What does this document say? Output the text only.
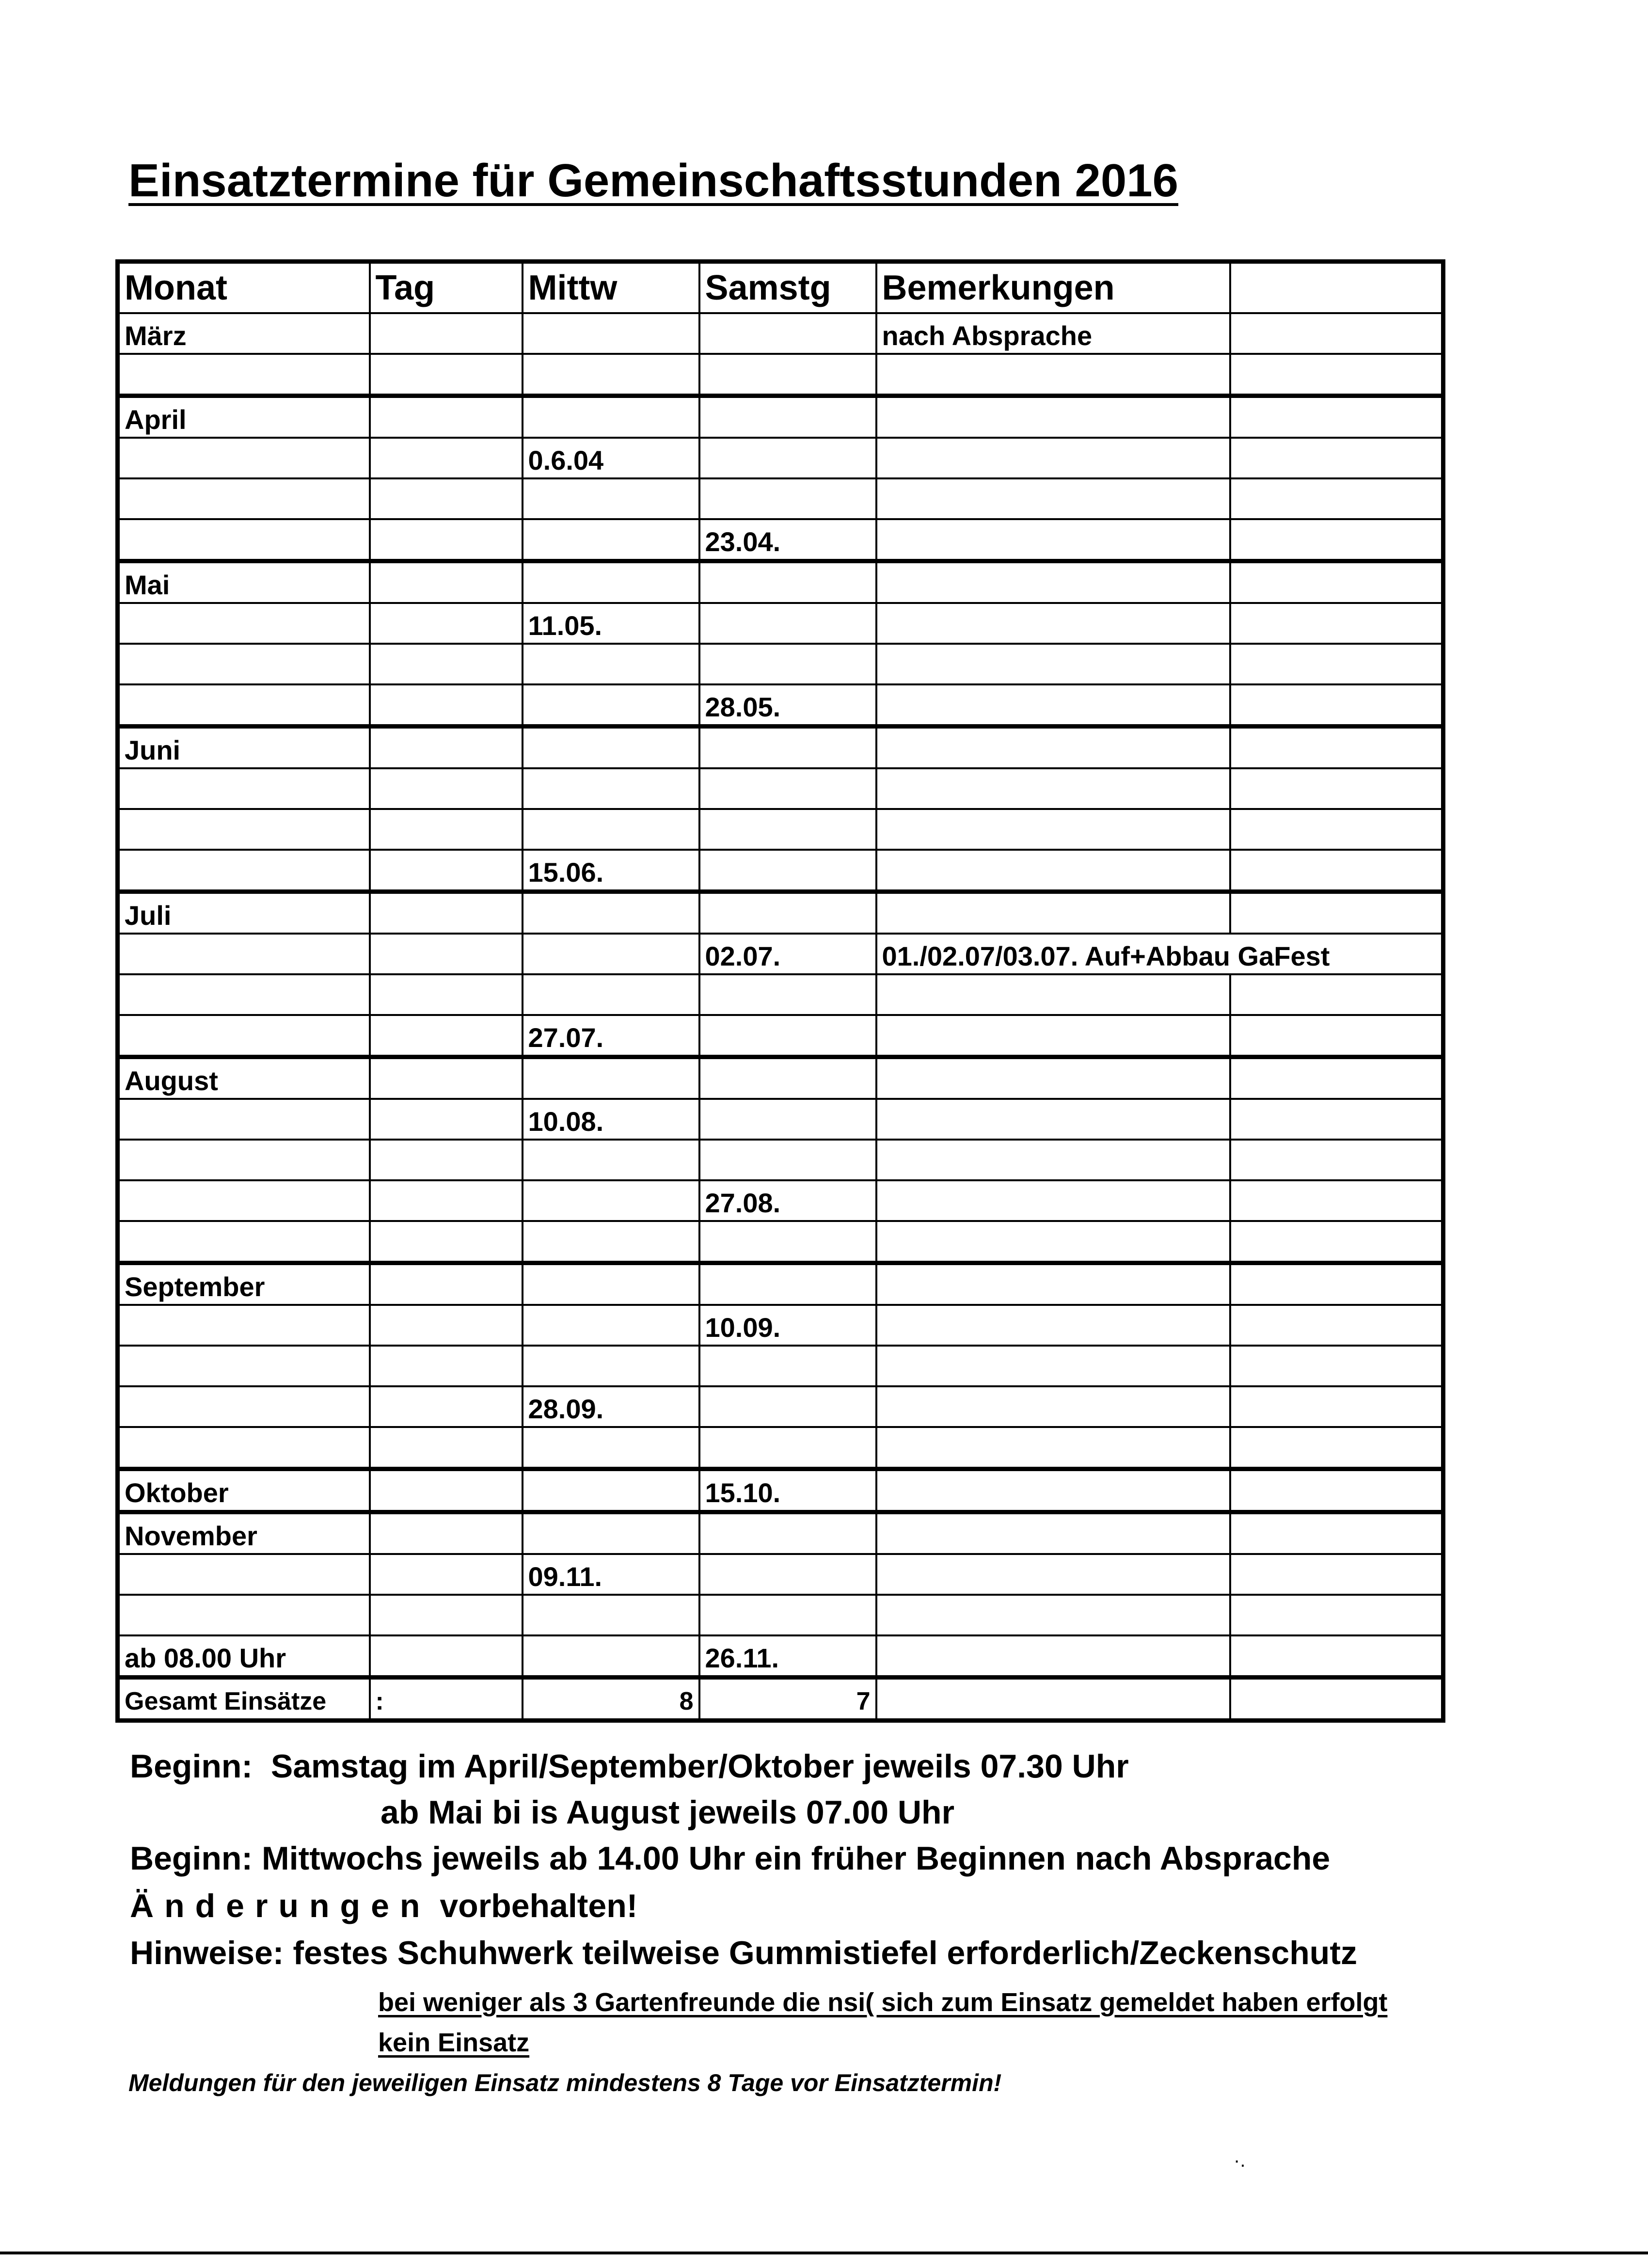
Einsatztermine für Gemeinschaftsstunden 2016
Monat	Tag	Mittw	Samstg	Bemerkungen	
März				nach Absprache	

April					
		0.6.04			

			23.04.		
Mai					
		11.05.			

			28.05.		
Juni					

		15.06.			
Juli					
			02.07.	01./02.07/03.07. Auf+Abbau GaFest	

		27.07.			
August					
		10.08.			

			27.08.		

September					
			10.09.		

		28.09.			

Oktober			15.10.		
November					
		09.11.			

ab 08.00 Uhr			26.11.		
Gesamt Einsätze	:	8	7		
Beginn: Samstag im April/September/Oktober jeweils 07.30 Uhr
ab Mai bi is August jeweils 07.00 Uhr
Beginn: Mittwochs jeweils ab 14.00 Uhr ein früher Beginnen nach Absprache
Änderungen vorbehalten!
Hinweise: festes Schuhwerk teilweise Gummistiefel erforderlich/Zeckenschutz
bei weniger als 3 Gartenfreunde die nsi( sich zum Einsatz gemeldet haben erfolgt
kein Einsatz
Meldungen für den jeweiligen Einsatz mindestens 8 Tage vor Einsatztermin!
·.
